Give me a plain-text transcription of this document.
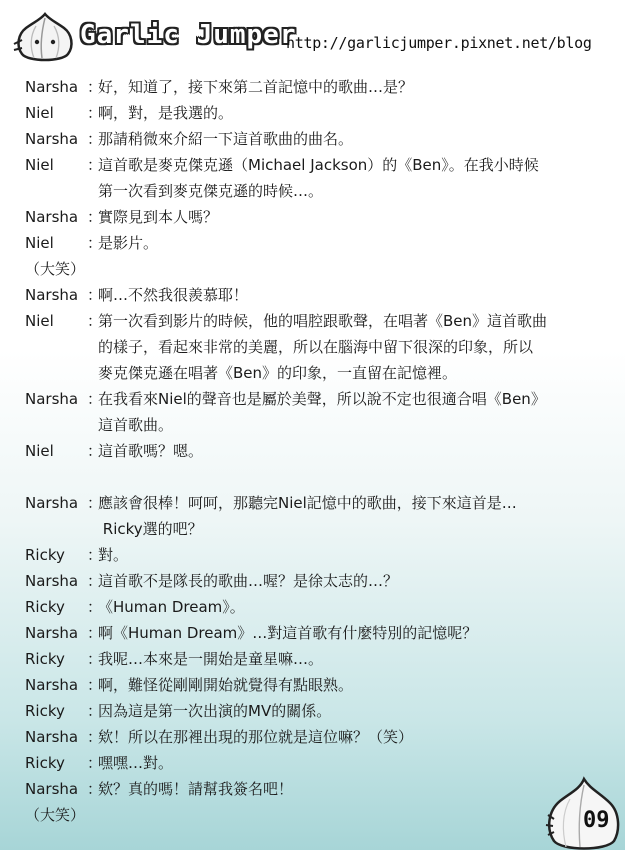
Garlic Jumper
http://garlicjumper.pixnet.net/blog
Narsha ：
好，知道了，接下來第二首記憶中的歌曲…是？
Niel	：
啊，對，是我選的。
Narsha ：
那請稍微來介紹一下這首歌曲的曲名。
Niel	：
這首歌是麥克傑克遜（Michael Jackson）的《Ben》。在我小時候
第一次看到麥克傑克遜的時候…。
Narsha ：
實際見到本人嗎？
Niel	：
是影片。
（大笑）
Narsha ：
啊…不然我很羨慕耶！
Niel	：
第一次看到影片的時候，他的唱腔跟歌聲，在唱著《Ben》這首歌曲
的樣子，看起來非常的美麗，所以在腦海中留下很深的印象，所以
麥克傑克遜在唱著《Ben》的印象，一直留在記憶裡。
Narsha ：
在我看來Niel的聲音也是屬於美聲，所以說不定也很適合唱《Ben》
這首歌曲。
Niel	：
這首歌嗎？嗯。
Narsha ：
應該會很棒！呵呵，那聽完Niel記憶中的歌曲，接下來這首是…
Ricky選的吧？
Ricky	：
對。
Narsha ：
這首歌不是隊長的歌曲…喔？是徐太志的…？
Ricky	：
《Human Dream》。
Narsha ：
啊《Human Dream》…對這首歌有什麼特別的記憶呢？
Ricky	：
我呢…本來是一開始是童星嘛…。
Narsha ：
啊，難怪從剛剛開始就覺得有點眼熟。
Ricky	：
因為這是第一次出演的MV的關係。
Narsha ：
欸！所以在那裡出現的那位就是這位嘛？（笑）
Ricky	：
嘿嘿…對。
Narsha ：
欸？真的嗎！請幫我簽名吧！
（大笑）	09
